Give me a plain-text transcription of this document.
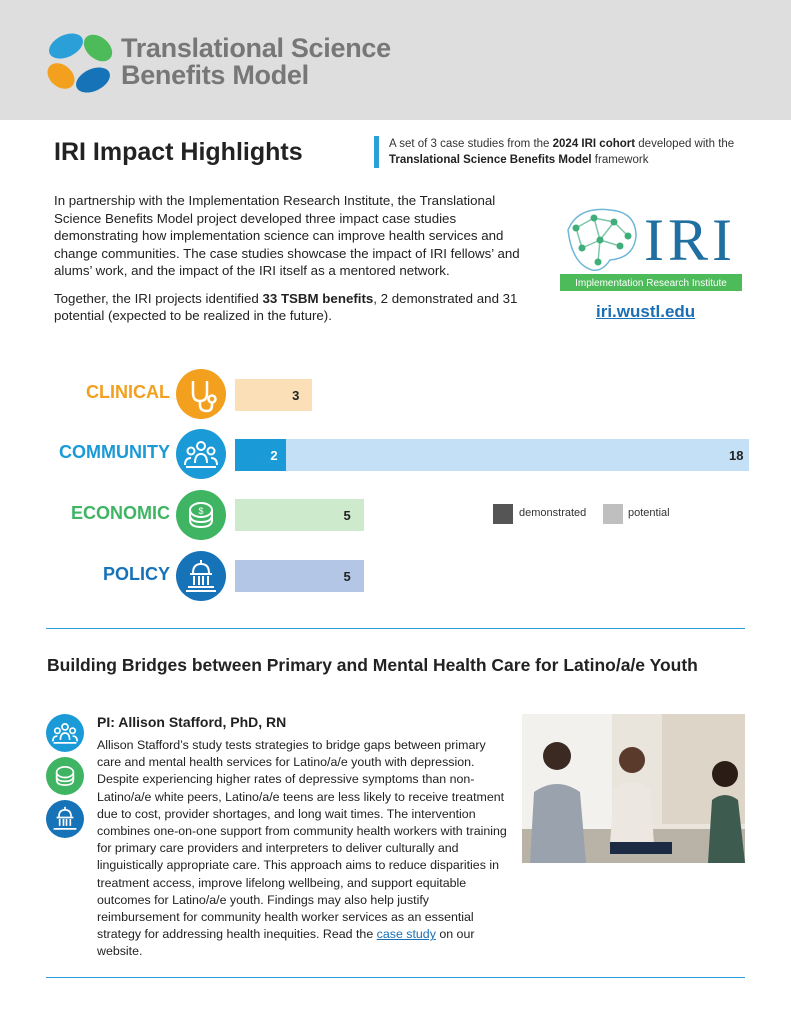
Translational Science
Benefits Model
IRI Impact Highlights	A set of 3 case studies from the 2024 IRI cohort developed with the Translational Science Benefits Model framework

In partnership with the Implementation Research Institute, the Translational Science Benefits Model project developed three impact case studies demonstrating how implementation science can improve health services and change communities. The case studies showcase the impact of IRI fellows’ and alums’ work, and the impact of the IRI itself as a mentored network.

Together, the IRI projects identified 33 TSBM benefits, 2 demonstrated and 31 potential (expected to be realized in the future).

IRI
Implementation Research Institute
iri.wustl.edu
CLINICAL	3
COMMUNITY	2	18
ECONOMIC	$	5
POLICY	5
demonstrated	potential
Building Bridges between Primary and Mental Health Care for Latino/a/e Youth
PI: Allison Stafford, PhD, RN
Allison Stafford’s study tests strategies to bridge gaps between primary care and mental health services for Latino/a/e youth with depression. Despite experiencing higher rates of depressive symptoms than non-Latino/a/e white peers, Latino/a/e teens are less likely to receive treatment due to cost, provider shortages, and long wait times. The intervention combines one-on-one support from community health workers with training for primary care providers and interpreters to deliver culturally and linguistically appropriate care. This approach aims to reduce disparities in treatment access, improve lifelong wellbeing, and support equitable outcomes for Latino/a/e youth. Findings may also help justify reimbursement for community health worker services as an essential strategy for addressing health inequities. Read the case study on our website.
